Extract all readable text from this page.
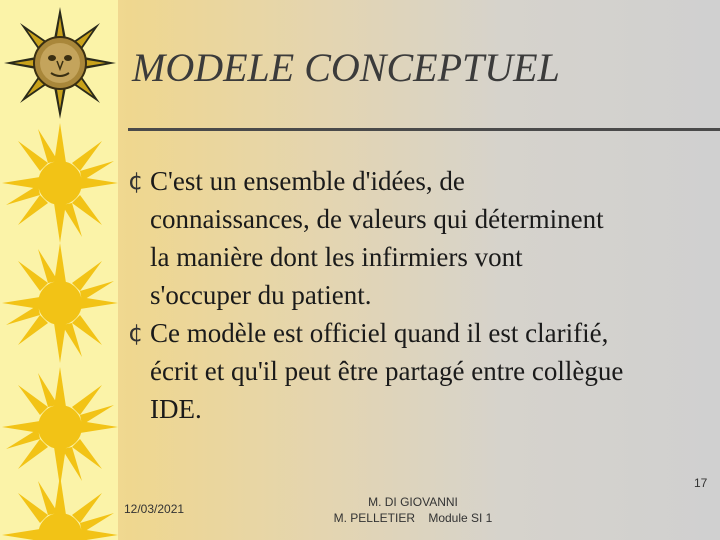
MODELE CONCEPTUEL
¢ C'est un ensemble d'idées, de
connaissances, de valeurs qui déterminent
la manière dont les infirmiers vont
s'occuper du patient.
¢ Ce modèle est officiel quand il est clarifié,
écrit et qu'il peut être partagé entre collègue
IDE.
12/03/2021	M. DI GIOVANNI
M. PELLETIER    Module SI 1
17
